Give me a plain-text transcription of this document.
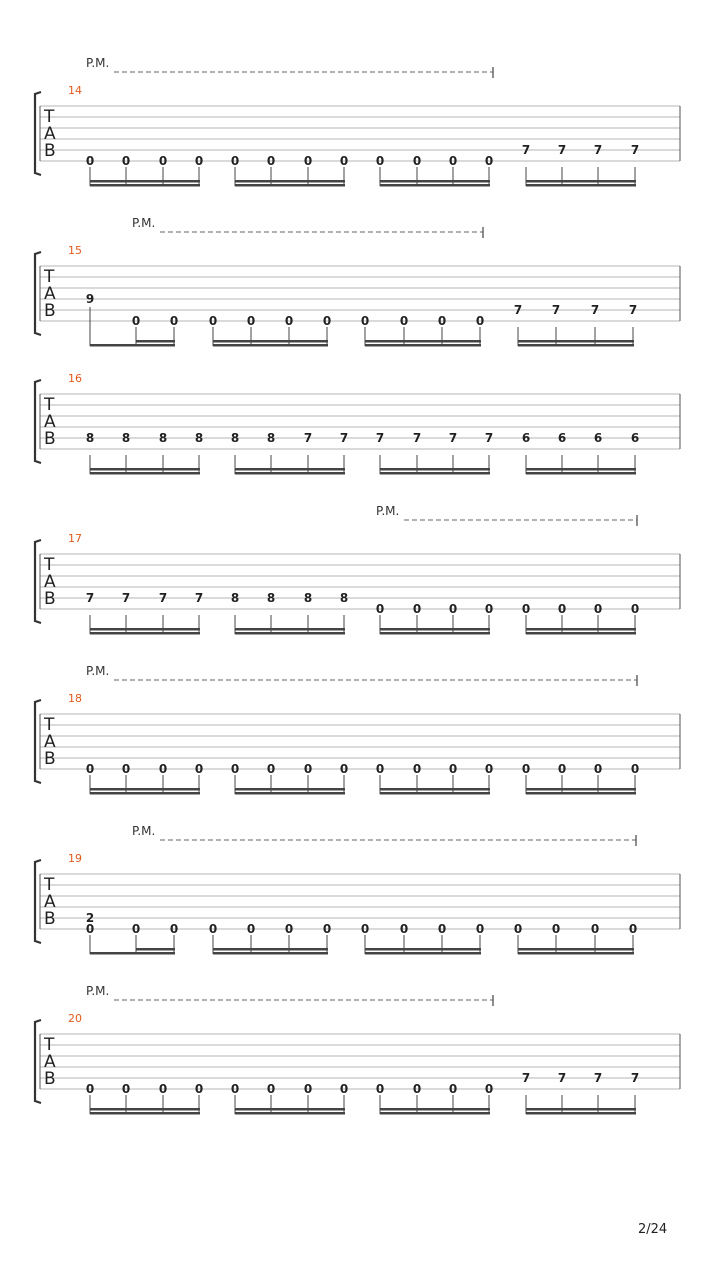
P.M.
14
T
A
B	0 0 0 0 0 0 0 0 0 0 0 0
7 7 7 7
P.M.
15
T
A
B
9
0 0	0 0 0 0 0	0 0 0
7 7	7 7
16
T
A
B	8 8 8 8 8 8 7 7 7 7 7 7 6 6 6 6
P.M.
17
T
A
B	7 7 7 7 8 8 8 8
0 0 0 0 0 0 0 0
P.M.
18
T
A
B	0 0 0 0 0 0 0 0 0 0 0 0 0 0 0 0
P.M.
19
T
A
B	2
0	0 0	0 0 0 0 0	0 0 0 0 0	0 0
P.M.
20
T
A
B	0 0 0 0 0 0 0 0 0 0 0 0
7 7 7 7
2/24
